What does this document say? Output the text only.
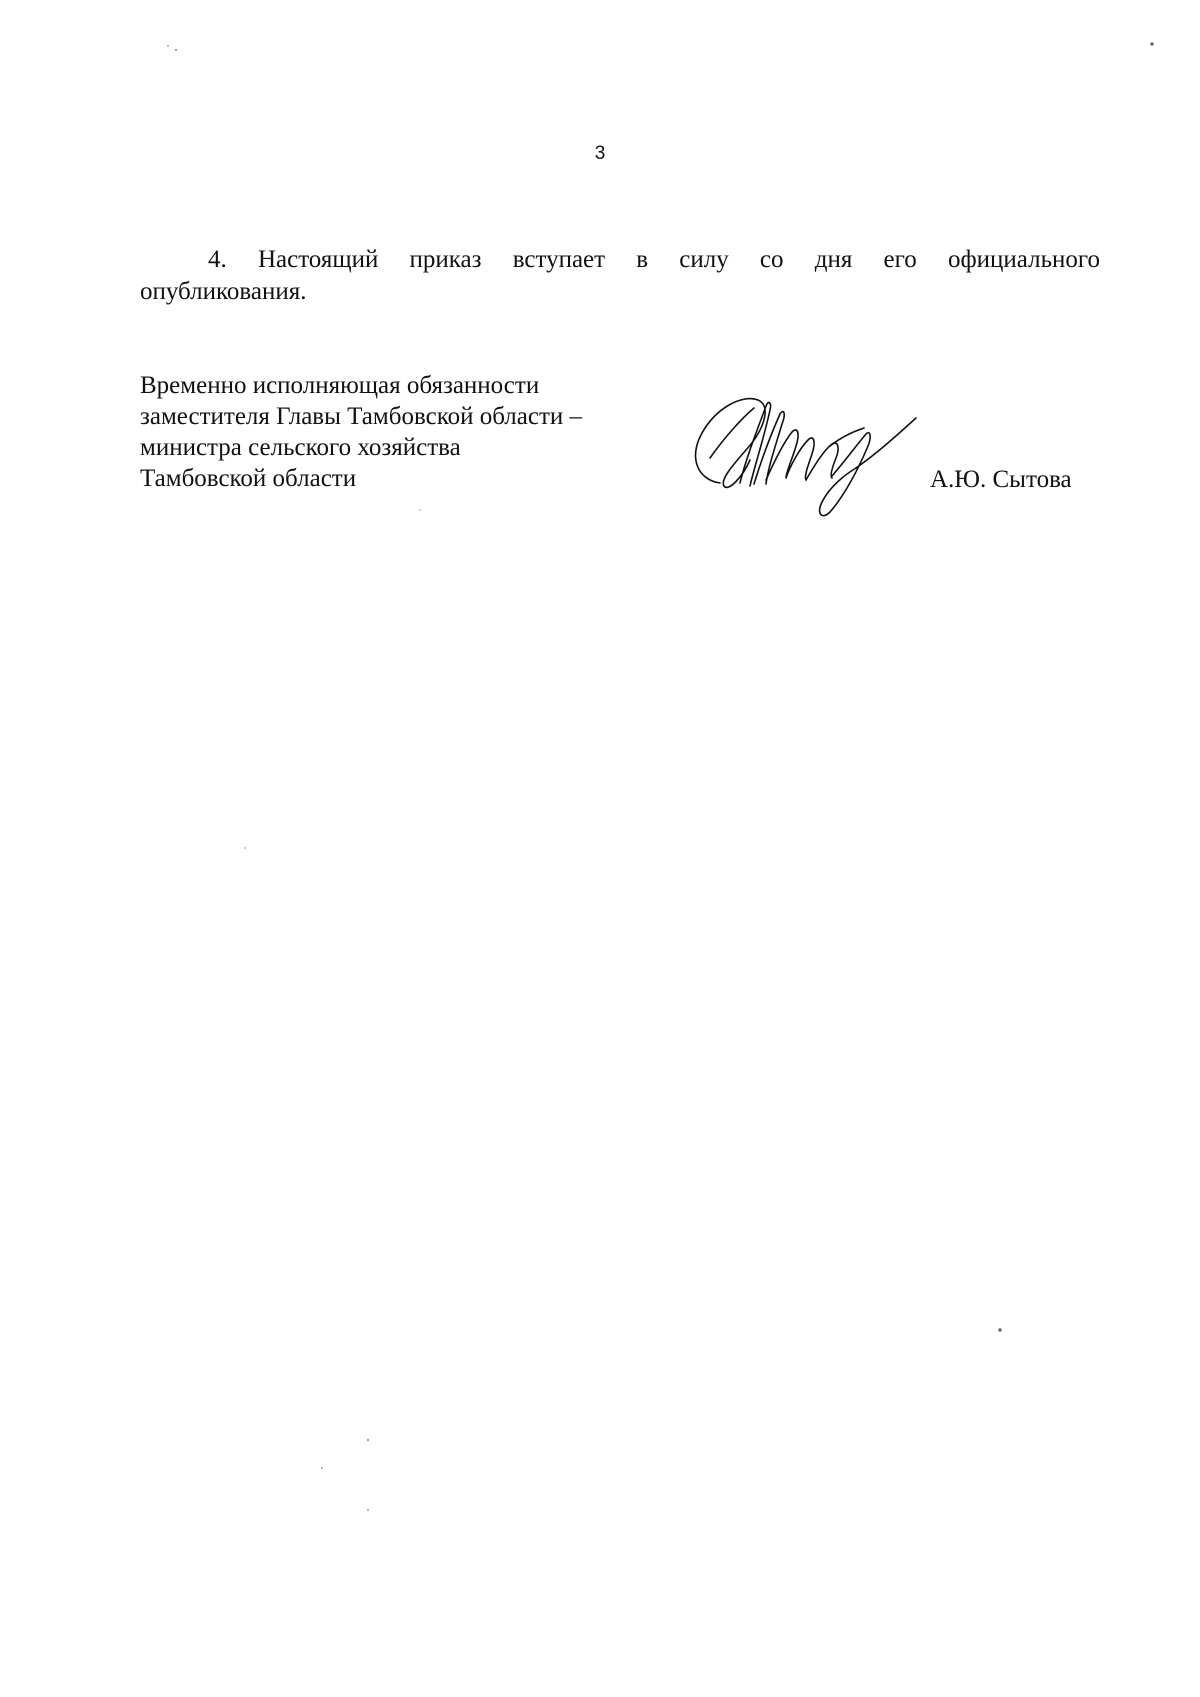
3
4. Настоящий приказ вступает в силу со дня его официального
опубликования.
Временно исполняющая обязанности
заместителя Главы Тамбовской области –
министра сельского хозяйства
Тамбовской области	А.Ю. Сытова
